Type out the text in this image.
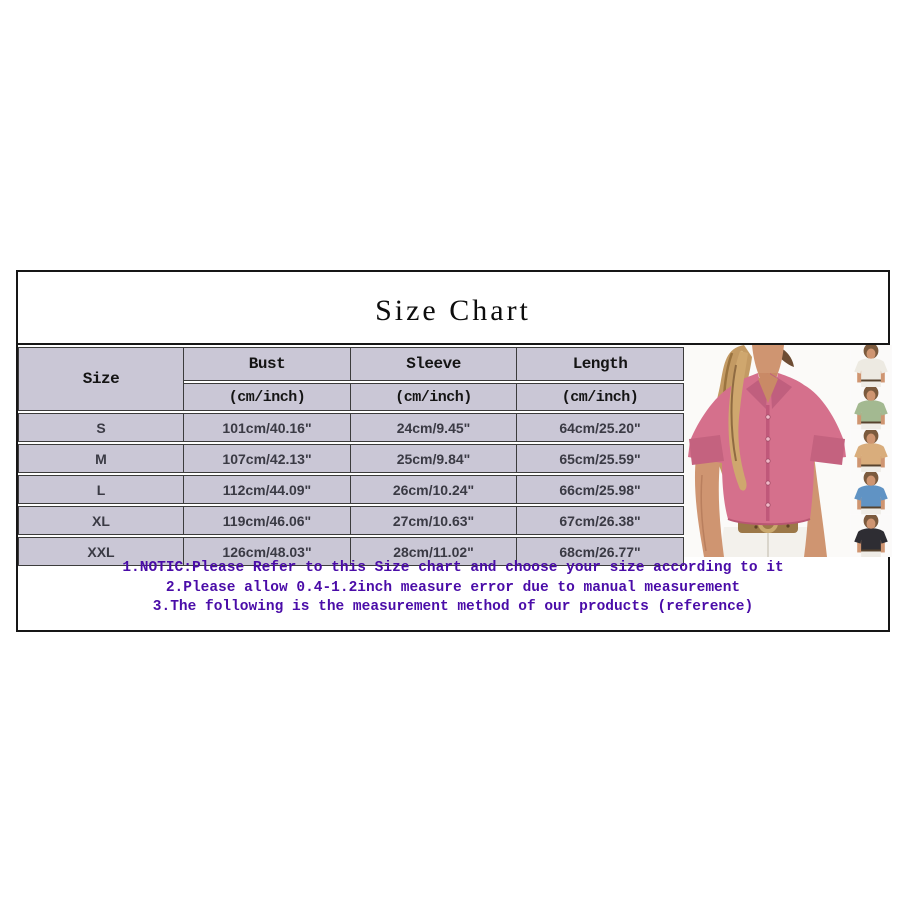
Size Chart
Size	Bust	Sleeve	Length
	(cm/inch)	(cm/inch)	(cm/inch)
S	101cm/40.16"	24cm/9.45"	64cm/25.20"
M	107cm/42.13"	25cm/9.84"	65cm/25.59"
L	112cm/44.09"	26cm/10.24"	66cm/25.98"
XL	119cm/46.06"	27cm/10.63"	67cm/26.38"
XXL	126cm/48.03"	28cm/11.02"	68cm/26.77"
1.NOTIC:Please Refer to this Size chart and choose your size according to it
2.Please allow 0.4-1.2inch measure error due to manual measurement
3.The following is the measurement method of our products (reference)
